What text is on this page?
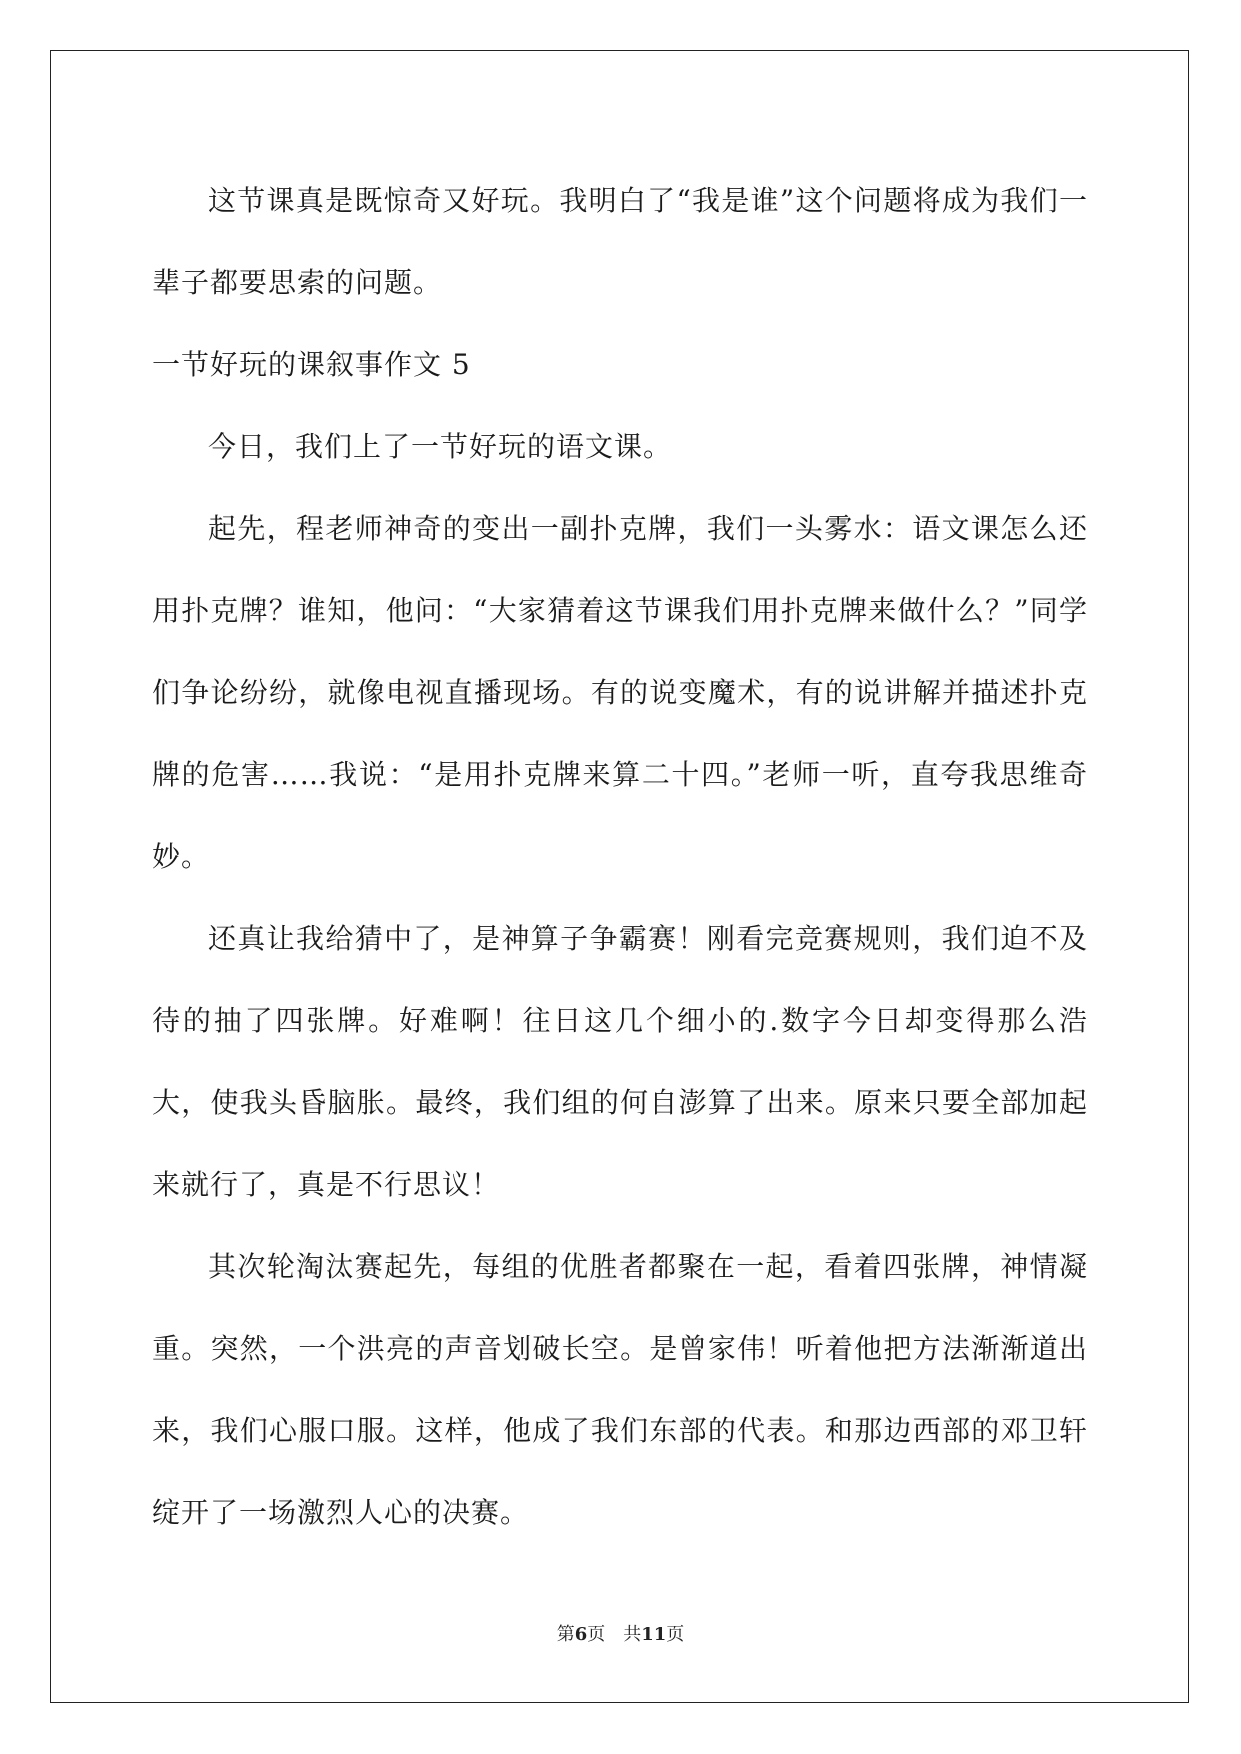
这节课真是既惊奇又好玩。我明白了“我是谁”这个问题将成为我们一辈子都要思索的问题。

一节好玩的课叙事作文 5

今日，我们上了一节好玩的语文课。

起先，程老师神奇的变出一副扑克牌，我们一头雾水：语文课怎么还用扑克牌？谁知，他问：“大家猜着这节课我们用扑克牌来做什么？”同学们争论纷纷，就像电视直播现场。有的说变魔术，有的说讲解并描述扑克牌的危害……我说：“是用扑克牌来算二十四。”老师一听，直夸我思维奇妙。

还真让我给猜中了，是神算子争霸赛！刚看完竞赛规则，我们迫不及待的抽了四张牌。好难啊！往日这几个细小的.数字今日却变得那么浩大，使我头昏脑胀。最终，我们组的何自澎算了出来。原来只要全部加起来就行了，真是不行思议！

其次轮淘汰赛起先，每组的优胜者都聚在一起，看着四张牌，神情凝重。突然，一个洪亮的声音划破长空。是曾家伟！听着他把方法渐渐道出来，我们心服口服。这样，他成了我们东部的代表。和那边西部的邓卫轩绽开了一场激烈人心的决赛。

第6页 共11页
